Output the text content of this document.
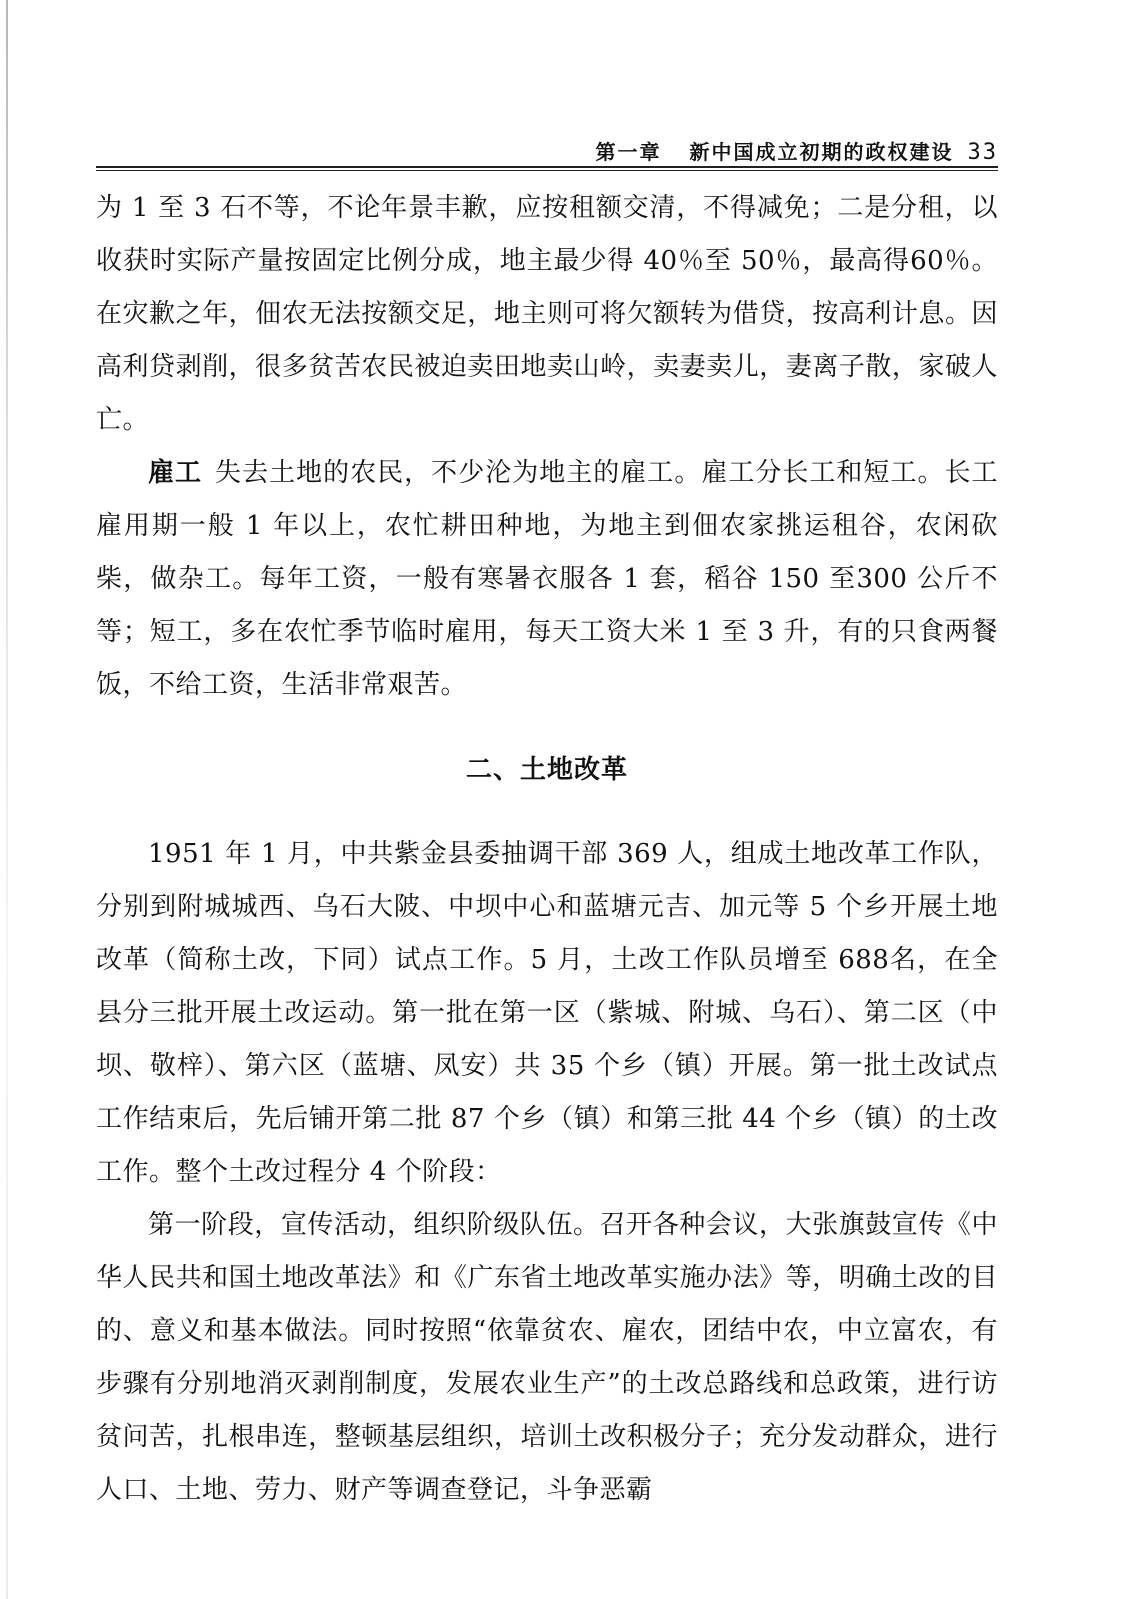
第一章 新中国成立初期的政权建设 33

为 1 至 3 石不等，不论年景丰歉，应按租额交清，不得减免；二是分租，以收获时实际产量按固定比例分成，地主最少得 40％至 50％，最高得60％。在灾歉之年，佃农无法按额交足，地主则可将欠额转为借贷，按高利计息。因高利贷剥削，很多贫苦农民被迫卖田地卖山岭，卖妻卖儿，妻离子散，家破人亡。

雇工 失去土地的农民，不少沦为地主的雇工。雇工分长工和短工。长工雇用期一般 1 年以上，农忙耕田种地，为地主到佃农家挑运租谷，农闲砍柴，做杂工。每年工资，一般有寒暑衣服各 1 套，稻谷 150 至300 公斤不等；短工，多在农忙季节临时雇用，每天工资大米 1 至 3 升，有的只食两餐饭，不给工资，生活非常艰苦。

二、土地改革

1951 年 1 月，中共紫金县委抽调干部 369 人，组成土地改革工作队，分别到附城城西、乌石大陂、中坝中心和蓝塘元吉、加元等 5 个乡开展土地改革（简称土改，下同）试点工作。5 月，土改工作队员增至 688名，在全县分三批开展土改运动。第一批在第一区（紫城、附城、乌石）、第二区（中坝、敬梓）、第六区（蓝塘、凤安）共 35 个乡（镇）开展。第一批土改试点工作结束后，先后铺开第二批 87 个乡（镇）和第三批 44 个乡（镇）的土改工作。整个土改过程分 4 个阶段：

第一阶段，宣传活动，组织阶级队伍。召开各种会议，大张旗鼓宣传《中华人民共和国土地改革法》和《广东省土地改革实施办法》等，明确土改的目的、意义和基本做法。同时按照“依靠贫农、雇农，团结中农，中立富农，有步骤有分别地消灭剥削制度，发展农业生产”的土改总路线和总政策，进行访贫问苦，扎根串连，整顿基层组织，培训土改积极分子；充分发动群众，进行人口、土地、劳力、财产等调查登记，斗争恶霸
